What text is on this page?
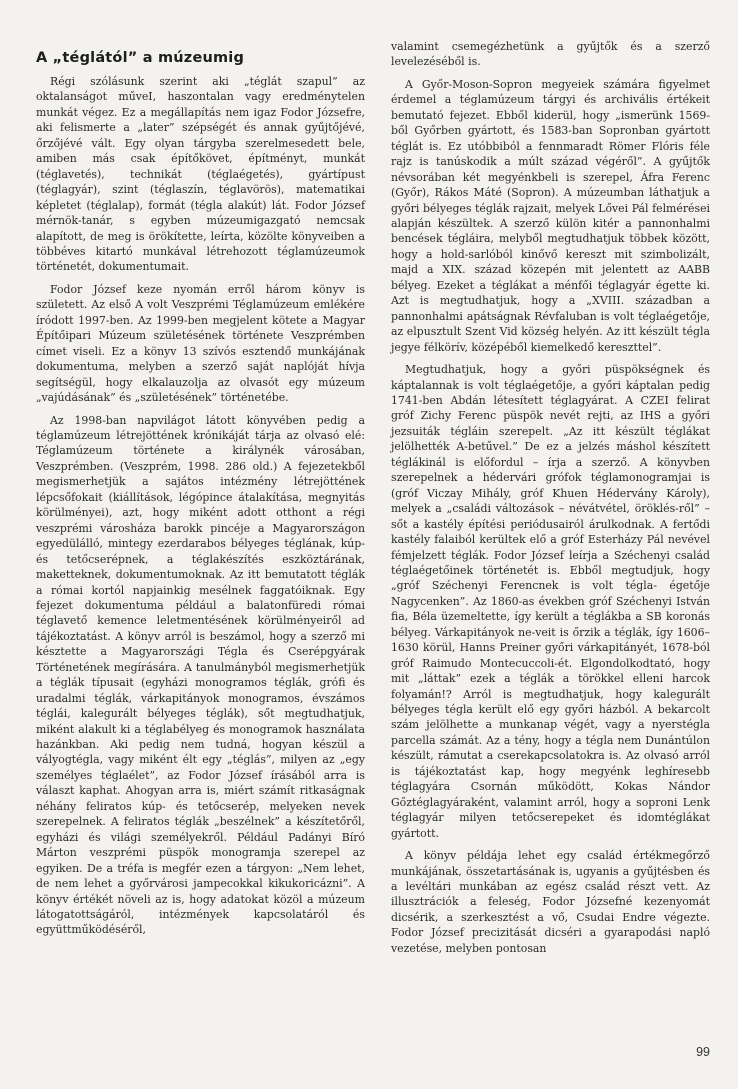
A „téglától” a múzeumig

Régi szólásunk szerint aki „téglát szapul” az oktalanságot műveI, haszontalan vagy eredménytelen munkát végez. Ez a megállapítás nem igaz Fodor Józsefre, aki felismerte a „later” szépségét és annak gyűjtőjévé, őrzőjévé vált. Egy olyan tárgyba szerelmesedett bele, amiben más csak építőkövet, építményt, munkát (téglavetés), technikát (téglaégetés), gyártípust (téglagyár), szint (téglaszín, téglavörös), matematikai képletet (téglalap), formát (tégla alakút) lát. Fodor József mérnök-tanár, s egyben múzeumigazgató nemcsak alapított, de meg is örökítette, leírta, közölte könyveiben a többéves kitartó munkával létrehozott téglamúzeumok történetét, dokumentumait.

Fodor József keze nyomán erről három könyv is született. Az első A volt Veszprémi Téglamúzeum emlékére íródott 1997-ben. Az 1999-ben megjelent kötete a Magyar Építőipari Múzeum születésének története Veszprémben címet viseli. Ez a könyv 13 szívós esztendő munkájának dokumentuma, melyben a szerző saját naplóját hívja segítségül, hogy elkalauzolja az olvasót egy múzeum „vajúdásának” és „születésének” történetébe.

Az 1998-ban napvilágot látott könyvében pedig a téglamúzeum létrejöttének krónikáját tárja az olvasó elé: Téglamúzeum története a királynék városában, Veszprémben. (Veszprém, 1998. 286 old.) A fejezetekből megismerhetjük a sajátos intézmény létrejöttének lépcsőfokait (kiállítások, légópince átalakítása, megnyitás körülményei), azt, hogy miként adott otthont a régi veszprémi városháza barokk pincéje a Magyarországon egyedülálló, mintegy ezerdarabos bélyeges téglának, kúp- és tetőcserépnek, a téglakészítés eszköztárának, maketteknek, dokumentumoknak. Az itt bemutatott téglák a római kortól napjainkig mesélnek faggatóiknak. Egy fejezet dokumentuma például a balatonfüredi római téglavető kemence leletmentésének körülményeiről ad tájékoztatást. A könyv arról is beszámol, hogy a szerző mi késztette a Magyarországi Tégla és Cserépgyárak Történetének megírására. A tanulmányból megismerhetjük a téglák típusait (egyházi monogramos téglák, grófi és uradalmi téglák, várkapitányok monogramos, évszámos téglái, kalegurált bélyeges téglák), sőt megtudhatjuk, miként alakult ki a téglabélyeg és monogramok használata hazánkban. Aki pedig nem tudná, hogyan készül a vályogtégla, vagy miként élt egy „téglás”, milyen az „egy személyes téglaélet”, az Fodor József írásából arra is választ kaphat. Ahogyan arra is, miért számít ritkaságnak néhány feliratos kúp- és tetőcserép, melyeken nevek szerepelnek. A feliratos téglák „beszélnek” a készítetőről, egyházi és világi személyekről. Például Padányi Bíró Márton veszprémi püspök monogramja szerepel az egyiken. De a tréfa is megfér ezen a tárgyon: „Nem lehet, de nem lehet a győrvárosi jampecokkal kikukoricázni”. A könyv értékét növeli az is, hogy adatokat közöl a múzeum látogatottságáról, intézmények kapcsolatáról és együttműködéséről,

valamint csemegézhetünk a gyűjtők és a szerző levelezéséből is.

A Győr-Moson-Sopron megyeiek számára figyelmet érdemel a téglamúzeum tárgyi és archivális értékeit bemutató fejezet. Ebből kiderül, hogy „ismerünk 1569-ből Győrben gyártott, és 1583-ban Sopronban gyártott téglát is. Ez utóbbiból a fennmaradt Römer Flóris féle rajz is tanúskodik a múlt század végéről”. A gyűjtők névsorában két megyénkbeli is szerepel, Áfra Ferenc (Győr), Rákos Máté (Sopron). A múzeumban láthatjuk a győri bélyeges téglák rajzait, melyek Lővei Pál felmérései alapján készültek. A szerző külön kitér a pannonhalmi bencések tégláira, melyből megtudhatjuk többek között, hogy a hold-sarlóból kinővő kereszt mit szimbolizált, majd a XIX. század közepén mit jelentett az AABB bélyeg. Ezeket a téglákat a ménfői téglagyár égette ki. Azt is megtudhatjuk, hogy a „XVIII. században a pannonhalmi apátságnak Révfaluban is volt téglaégetője, az elpusztult Szent Vid község helyén. Az itt készült tégla jegye félkörív, középéből kiemelkedő kereszttel”.

Megtudhatjuk, hogy a győri püspökségnek és káptalannak is volt téglaégetője, a győri káptalan pedig 1741-ben Abdán létesített téglagyárat. A CZEI felirat gróf Zichy Ferenc püspök nevét rejti, az IHS a győri jezsuiták tégláin szerepelt. „Az itt készült téglákat jelölhették A-betűvel.” De ez a jelzés máshol készített téglákinál is előfordul – írja a szerző. A könyvben szerepelnek a hédervári grófok téglamonogramjai is (gróf Viczay Mihály, gróf Khuen Hédervány Károly), melyek a „családi változások – névátvétel, öröklés-ről” – sőt a kastély építési periódusairól árulkodnak. A fertődi kastély falaiból kerültek elő a gróf Esterházy Pál nevével fémjelzett téglák. Fodor József leírja a Széchenyi család téglaégetőinek történetét is. Ebből megtudjuk, hogy „gróf Széchenyi Ferencnek is volt tégla- égetője Nagycenken”. Az 1860-as években gróf Széchenyi István fia, Béla üzemeltette, így került a téglákba a SB koronás bélyeg. Várkapitányok ne-veit is őrzik a téglák, így 1606–1630 körül, Hanns Preiner győri várkapitányét, 1678-ból gróf Raimudo Montecuccoli-ét. Elgondolkodtató, hogy mit „láttak” ezek a téglák a törökkel elleni harcok folyamán!? Arról is megtudhatjuk, hogy kalegurált bélyeges tégla került elő egy győri házból. A bekarcolt szám jelölhette a munkanap végét, vagy a nyerstégla parcella számát. Az a tény, hogy a tégla nem Dunántúlon készült, rámutat a cserekapcsolatokra is. Az olvasó arról is tájékoztatást kap, hogy megyénk leghíresebb téglagyára Csornán működött, Kokas Nándor Gőztéglagyáraként, valamint arról, hogy a soproni Lenk téglagyár milyen tetőcserepeket és idomtéglákat gyártott.

A könyv példája lehet egy család értékmegőrző munkájának, összetartásának is, ugyanis a gyűjtésben és a levéltári munkában az egész család részt vett. Az illusztrációk a feleség, Fodor Józsefné kezenyomát dicsérik, a szerkesztést a vő, Csudai Endre végezte. Fodor József precizitását dicséri a gyarapodási napló vezetése, melyben pontosan

99
